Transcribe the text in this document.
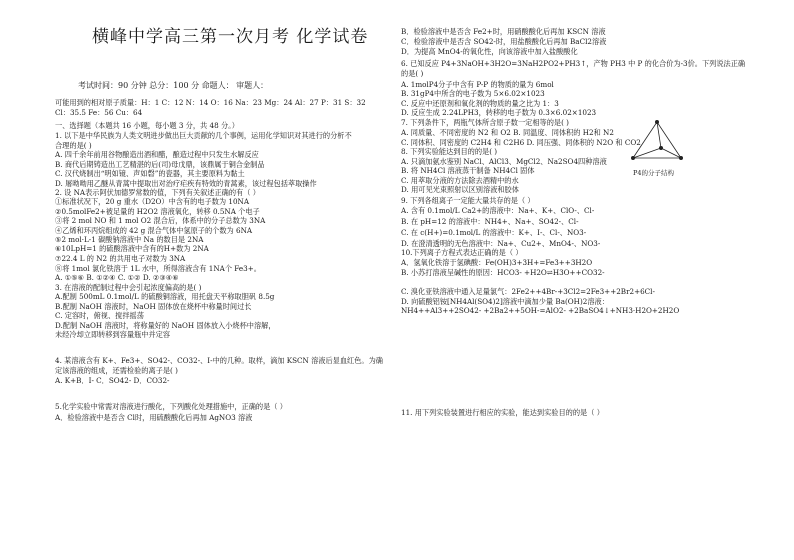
横峰中学高三第一次月考 化学试卷
考试时间：90 分钟 总分：100 分 命题人： 审题人：
可能用到的相对原子质量：H：1 C：12 N：14 O：16 Na：23 Mg：24 Al：27 P：31 S：32
Cl：35.5 Fe：56 Cu：64
一、选择题（本题共 16 小题，每小题 3 分，共 48 分。）
1. 以下是中华民族为人类文明进步做出巨大贡献的几个事例，运用化学知识对其进行的分析不
合理的是( )
A. 四千余年前用谷物酿造出酒和醋，酿造过程中只发生水解反应
B. 商代后期铸造出工艺精湛的后(司)母戊鼎，该鼎属于铜合金制品
C. 汉代烧制出“明如镜、声如磬”的瓷器，其主要原料为黏土
D. 屠呦呦用乙醚从青蒿中提取出对治疗疟疾有特效的青蒿素，该过程包括萃取操作
2. 设 NA表示阿伏加德罗常数的值，下列有关叙述正确的有（ ）
①标准状况下，20 g 重水（D2O）中含有的电子数为 10NA
②0.5molFe2+被足量的 H2O2 溶液氧化，转移 0.5NA 个电子
③将 2 mol NO 和 1 mol O2 混合后，体系中的分子总数为 3NA
④乙烯和环丙烷组成的 42 g 混合气体中氢原子的个数为 6NA
⑤2 mol·L-1 碳酸钠溶液中 Na 的数目是 2NA
⑥10LpH=1 的硫酸溶液中含有的H+数为 2NA
⑦22.4 L 的 N2 的共用电子对数为 3NA
⑧将 1mol 氯化铁溶于 1L 水中，所得溶液含有 1NA个 Fe3+。
A. ①⑤⑥ B. ①②④ C. ①② D. ②③④⑥
3. 在溶液的配制过程中会引起浓度偏高的是( )
A.配制 500mL 0.1mol/L 的硫酸铜溶液，用托盘天平称取胆矾 8.5g
B.配制 NaOH 溶液时，NaOH 固体放在烧杯中称量时间过长
C. 定容时，俯视、搅拌摇荡
D.配制 NaOH 溶液时，将称量好的 NaOH 固体放入小烧杯中溶解，
未经冷却立即转移到容量瓶中并定容
4. 某溶液含有 K+、Fe3+、SO42-、CO32-、I-中的几种。取样，滴加 KSCN 溶液后显血红色。为确
定该溶液的组成，还需检验的离子是( )
A. K+B．I- C．SO42- D．CO32-
5.化学实验中常需对溶液进行酸化，下列酸化处理措施中，正确的是（ ）
A．检验溶液中是否含 Cl时，用硫酸酸化后再加 AgNO3 溶液
B．检验溶液中是否含 Fe2+时，用硝酸酸化后再加 KSCN 溶液
C．检验溶液中是否含 SO42-时，用盐酸酸化后再加 BaCl2溶液
D．为提高 MnO4-的氧化性，向该溶液中加入盐酸酸化
6. 已知反应 P4+3NaOH+3H2O=3NaH2PO2+PH3↑，产物 PH3 中 P 的化合价为-3价。下列说法正确
的是( )
A. 1molP4分子中含有 P-P 的物质的量为 6mol
B. 31gP4中所含的电子数为 5×6.02×1023
C. 反应中还原剂和氧化剂的物质的量之比为 1：3
D. 反应生成 2.24LPH3，转移的电子数为 0.3×6.02×1023
7. 下列条件下，两瓶气体所含原子数一定相等的是( )
A. 同质量、不同密度的 N2 和 O2 B. 同温度、同体积的 H2和 N2
C. 同体积、同密度的 C2H4 和 C2H6 D. 同压强、同体积的 N2O 和 CO2
8. 下列实验能达到目的的是( )
A. 只滴加氨水鉴别 NaCl、AlCl3、MgCl2、Na2SO4四种溶液
B. 将 NH4Cl 溶液蒸干制备 NH4Cl 固体
C. 用萃取分液的方法除去酒精中的水
D. 用可见光束照射以区别溶液和胶体
9. 下列各组离子一定能大量共存的是（ ）
A. 含有 0.1mol/L Ca2+的溶液中：Na+、K+、ClO-、Cl-
B. 在 pH=12 的溶液中：NH4+、Na+、SO42-、Cl-
C. 在 c(H+)=0.1mol/L 的溶液中：K+、I-、Cl-、NO3-
D. 在澄清透明的无色溶液中：Na+、Cu2+、MnO4-、NO3-
10.下列离子方程式表达正确的是（ ）
A．氢氧化铁溶于氢碘酸：Fe(OH)3+3H+=Fe3++3H2O
B. 小苏打溶液呈碱性的原因：HCO3- +H2O⇌H3O++CO32-
C. 溴化亚铁溶液中通入足量氯气：2Fe2++4Br-+3Cl2=2Fe3++2Br2+6Cl-
D. 向硫酸铝铵[NH4Al(SO4)2]溶液中滴加少量 Ba(OH)2溶液：
NH4++Al3++2SO42- +2Ba2++5OH-=AlO2- +2BaSO4↓+NH3·H2O+2H2O
11. 用下列实验装置进行相应的实验，能达到实验目的的是（ ）
P4的分子结构
